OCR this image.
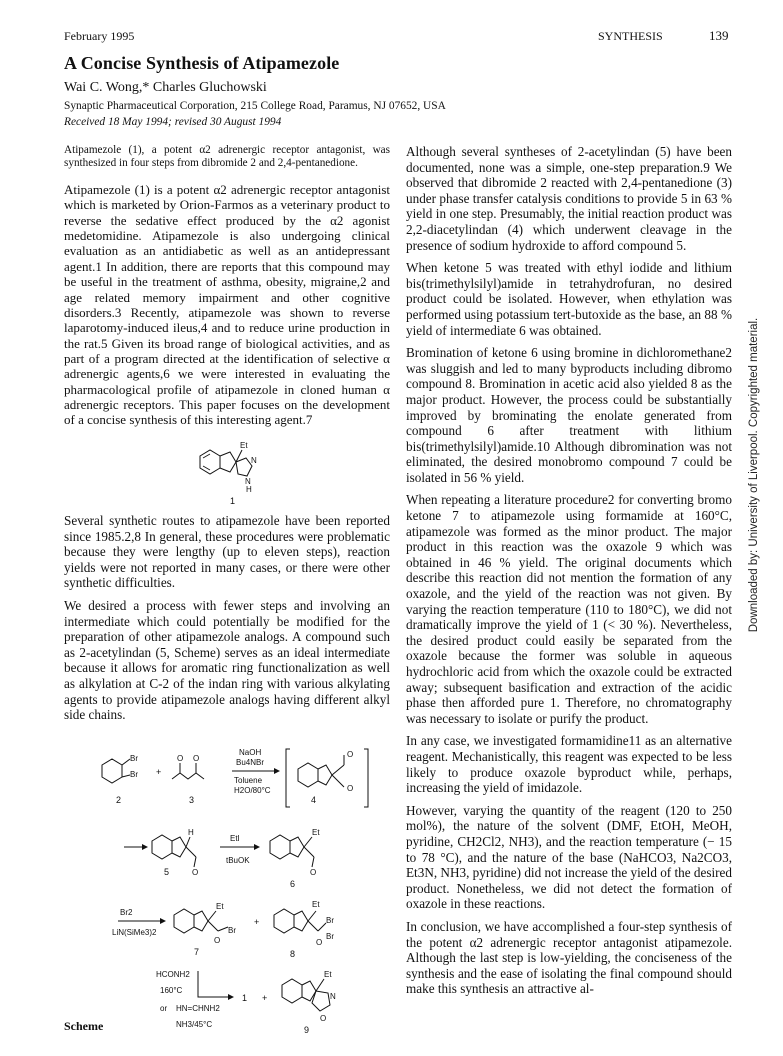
February 1995	SYNTHESIS	139
A Concise Synthesis of Atipamezole
Wai C. Wong,* Charles Gluchowski
Synaptic Pharmaceutical Corporation, 215 College Road, Paramus, NJ 07652, USA
Received 18 May 1994; revised 30 August 1994

Atipamezole (1), a potent α2 adrenergic receptor antagonist, was synthesized in four steps from dibromide 2 and 2,4-pentanedione.

Atipamezole (1) is a potent α2 adrenergic receptor antagonist which is marketed by Orion-Farmos as a veterinary product to reverse the sedative effect produced by the α2 agonist medetomidine. Atipamezole is also undergoing clinical evaluation as an antidiabetic as well as an antidepressant agent.1 In addition, there are reports that this compound may be useful in the treatment of asthma, obesity, migraine,2 and age related memory impairment and other cognitive disorders.3 Recently, atipamezole was shown to reverse laparotomy-induced ileus,4 and to reduce urine production in the rat.5 Given its broad range of biological activities, and as part of a program directed at the identification of selective α adrenergic agents,6 we were interested in evaluating the pharmacological profile of atipamezole in cloned human α adrenergic receptors. This paper focuses on the development of a concise synthesis of this interesting agent.7

Et
N
N
H
1

Several synthetic routes to atipamezole have been reported since 1985.2,8 In general, these procedures were problematic because they were lengthy (up to eleven steps), reaction yields were not reported in many cases, or there were other synthetic difficulties.

We desired a process with fewer steps and involving an intermediate which could potentially be modified for the preparation of other atipamezole analogs. A compound such as 2-acetylindan (5, Scheme) serves as an ideal intermediate because it allows for aromatic ring functionalization as well as alkylation at C-2 of the indan ring with various alkylating agents to provide atipamezole analogs having different alkyl side chains.

Br
Br
2
+
O O
3
NaOH
Bu4NBr
Toluene
H2O/80°C
O
O
4
H
O
5
EtI
tBuOK
Et
O
6
Br2
LiN(SiMe3)2
Et
Br
O
7
+
Et
Br
Br
O
8
HCONH2
160°C
or HN=CHNH2
NH3/45°C
1 +
Et
N
O
9
Scheme

Although several syntheses of 2-acetylindan (5) have been documented, none was a simple, one-step preparation.9 We observed that dibromide 2 reacted with 2,4-pentanedione (3) under phase transfer catalysis conditions to provide 5 in 63 % yield in one step. Presumably, the initial reaction product was 2,2-diacetylindan (4) which underwent cleavage in the presence of sodium hydroxide to afford compound 5.

When ketone 5 was treated with ethyl iodide and lithium bis(trimethylsilyl)amide in tetrahydrofuran, no desired product could be isolated. However, when ethylation was performed using potassium tert-butoxide as the base, an 88 % yield of intermediate 6 was obtained.

Bromination of ketone 6 using bromine in dichloromethane2 was sluggish and led to many byproducts including dibromo compound 8. Bromination in acetic acid also yielded 8 as the major product. However, the process could be substantially improved by brominating the enolate generated from compound 6 after treatment with lithium bis(trimethylsilyl)amide.10 Although dibromination was not eliminated, the desired monobromo compound 7 could be isolated in 56 % yield.

When repeating a literature procedure2 for converting bromo ketone 7 to atipamezole using formamide at 160°C, atipamezole was formed as the minor product. The major product in this reaction was the oxazole 9 which was obtained in 46 % yield. The original documents which describe this reaction did not mention the formation of any oxazole, and the yield of the reaction was not given. By varying the reaction temperature (110 to 180°C), we did not dramatically improve the yield of 1 (< 30 %). Nevertheless, the desired product could easily be separated from the oxazole because the former was soluble in aqueous hydrochloric acid from which the oxazole could be extracted away; subsequent basification and extraction of the acidic phase then afforded pure 1. Therefore, no chromatography was necessary to isolate or purify the product.

In any case, we investigated formamidine11 as an alternative reagent. Mechanistically, this reagent was expected to be less likely to produce oxazole byproduct while, perhaps, increasing the yield of imidazole.

However, varying the quantity of the reagent (120 to 250 mol%), the nature of the solvent (DMF, EtOH, MeOH, pyridine, CH2Cl2, NH3), and the reaction temperature (− 15 to 78 °C), and the nature of the base (NaHCO3, Na2CO3, Et3N, NH3, pyridine) did not increase the yield of the desired product. Nonetheless, we did not detect the formation of oxazole in these reactions.

In conclusion, we have accomplished a four-step synthesis of the potent α2 adrenergic receptor antagonist atipamezole. Although the last step is low-yielding, the conciseness of the synthesis and the ease of isolating the final compound should make this synthesis an attractive al-

Downloaded by: University of Liverpool. Copyrighted material.
